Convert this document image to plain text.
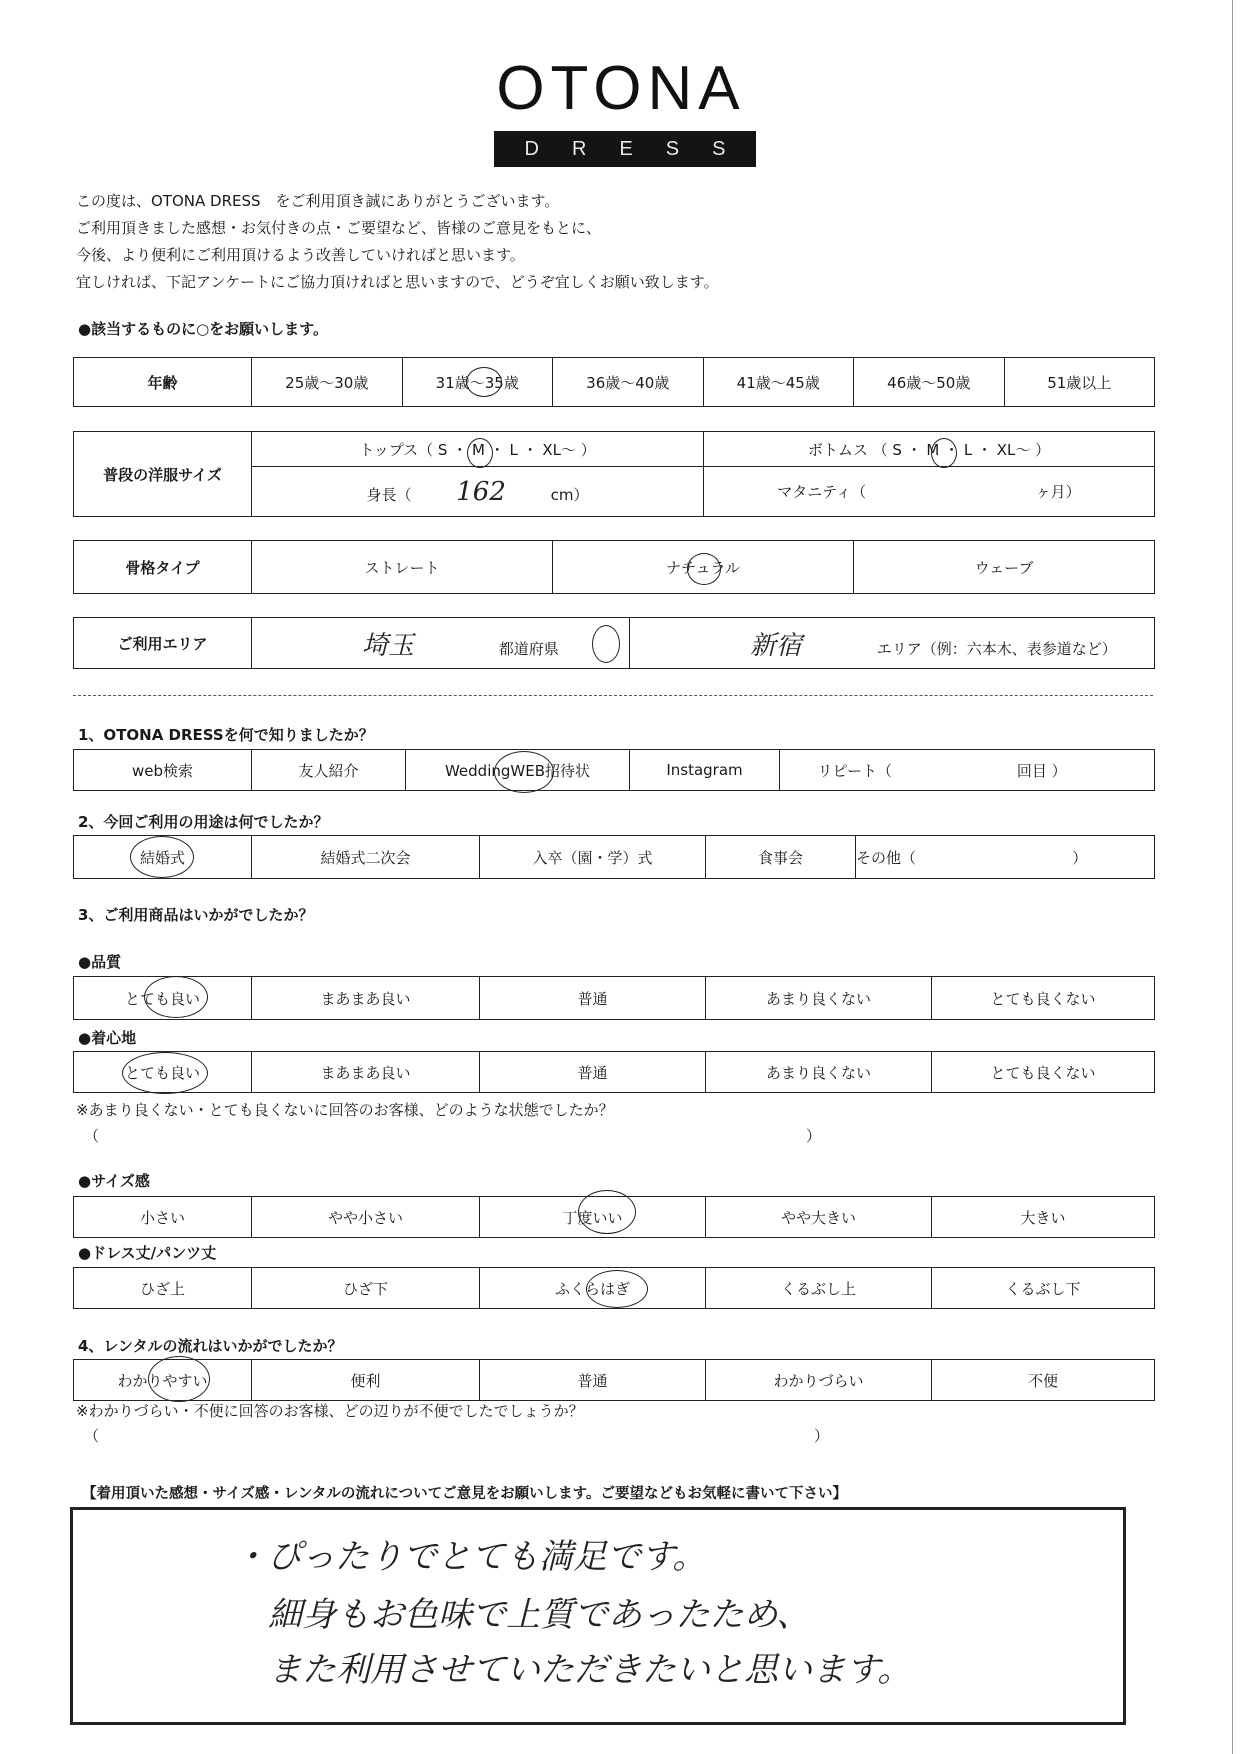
OTONA
D R E S S

この度は、OTONA DRESS　をご利用頂き誠にありがとうございます。

ご利用頂きました感想・お気付きの点・ご要望など、皆様のご意見をもとに、

今後、より便利にご利用頂けるよう改善していければと思います。

宜しければ、下記アンケートにご協力頂ければと思いますので、どうぞ宜しくお願い致します。

●該当するものに○をお願いします。
年齢	25歳～30歳	31歳～35歳	36歳～40歳	41歳～45歳	46歳～50歳	51歳以上
普段の洋服サイズ	トップス（ S ・ M ・ L ・ XL～ ）	ボトムス （ S ・ M ・ L ・ XL～ ）
	身長（ 162 cm）	マタニティ（ ヶ月）
骨格タイプ	ストレート	ナチュラル	ウェーブ
ご利用エリア	埼玉	都道府県	新宿	エリア（例：六本木、表参道など）
1、OTONA DRESSを何で知りましたか？
web検索	友人紹介	WeddingWEB招待状	Instagram	リピート（	回目 ）
2、今回ご利用の用途は何でしたか？
結婚式	結婚式二次会	入卒（園・学）式	食事会	その他（	）
3、ご利用商品はいかがでしたか？
●品質
とても良い	まあまあ良い	普通	あまり良くない	とても良くない
●着心地
とても良い	まあまあ良い	普通	あまり良くない	とても良くない
※あまり良くない・とても良くないに回答のお客様、どのような状態でしたか？
（	）
●サイズ感
小さい	やや小さい	丁度いい	やや大きい	大きい
●ドレス丈/パンツ丈
ひざ上	ひざ下	ふくらはぎ	くるぶし上	くるぶし下
4、レンタルの流れはいかがでしたか？
わかりやすい	便利	普通	わかりづらい	不便
※わかりづらい・不便に回答のお客様、どの辺りが不便でしたでしょうか？
（	）
【着用頂いた感想・サイズ感・レンタルの流れについてご意見をお願いします。ご要望などもお気軽に書いて下さい】
・ぴったりでとても満足です。
細身もお色味で上質であったため、
また利用させていただきたいと思います。
